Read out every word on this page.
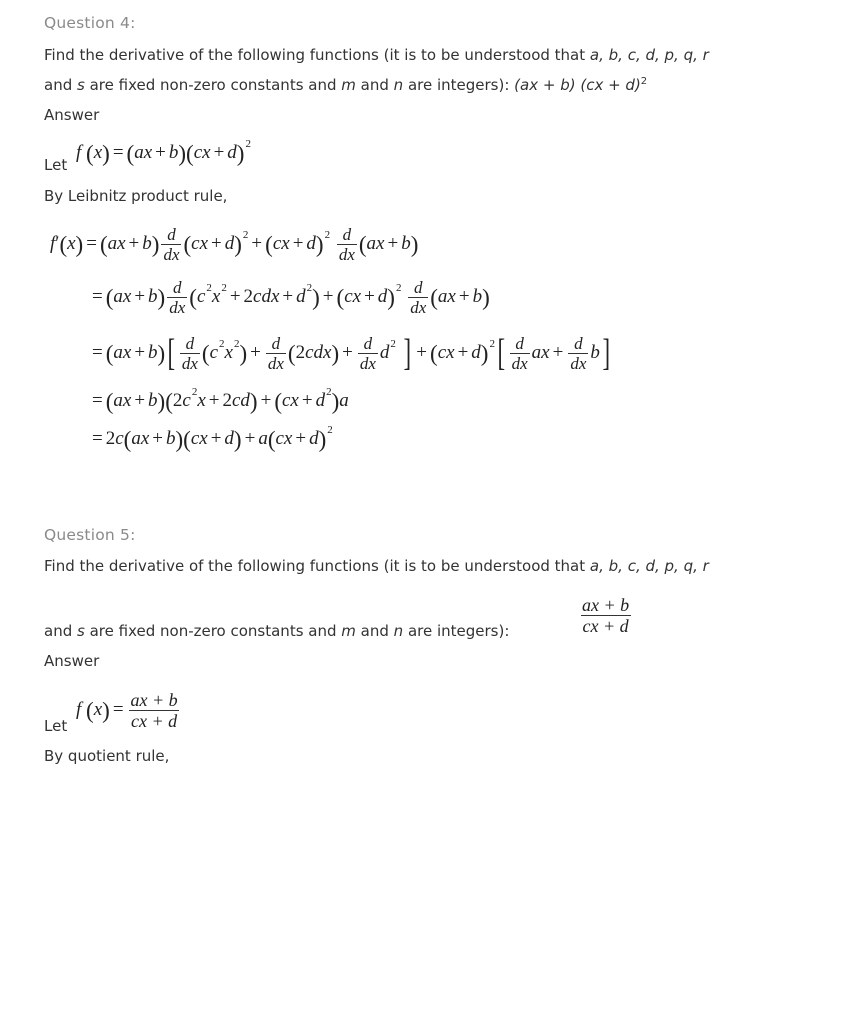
Question 4:
Find the derivative of the following functions (it is to be understood that a, b, c, d, p, q, r
and s are fixed non-zero constants and m and n are integers): (ax + b) (cx + d)$^2$
Answer
Let
f
( x ) = ( ax + b ) ( cx + d ) 2
By Leibnitz product rule,
f ′ ( x ) = ( ax + b ) $\frac{d}{dx}$ ( cx + d ) 2 + ( cx + d ) 2
$\frac{d}{dx}$ ( ax + b )
= ( ax + b ) $\frac{d}{dx}$ ( c 2 x 2 + 2 cdx + d 2 ) + ( cx + d ) 2
$\frac{d}{dx}$ ( ax + b )
= ( ax + b ) [ $\frac{d}{dx}$ ( c 2 x 2 ) + $\frac{d}{dx}$ ( 2 cdx ) + $\frac{d}{dx}$ d 2
] + ( cx + d ) 2 [ $\frac{d}{dx}$ ax + $\frac{d}{dx}$ b ]
= ( ax + b ) ( 2 c 2 x + 2 cd ) + ( cx + d 2 ) a
= 2 c ( ax + b ) ( cx + d ) + a ( cx + d ) 2
Question 5:
Find the derivative of the following functions (it is to be understood that a, b, c, d, p, q, r
and s are fixed non-zero constants and m and n are integers):	$\frac{ax + b}{cx + d}$
Answer
Let
f
( x ) = $\frac{ax + b}{cx + d}$
By quotient rule,
